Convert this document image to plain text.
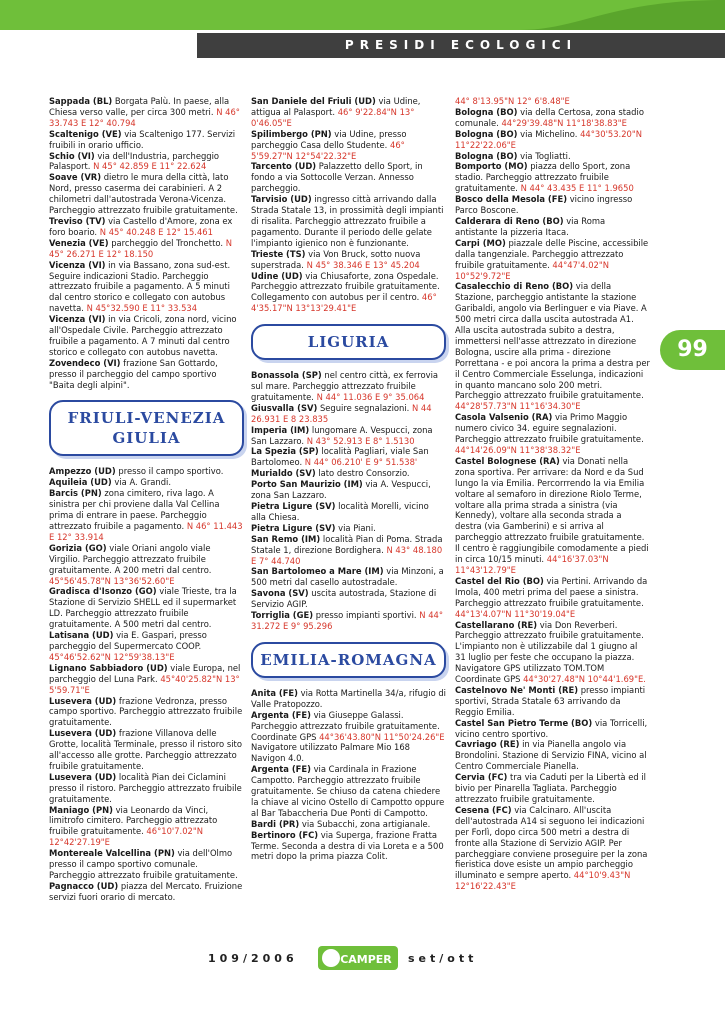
PRESIDI ECOLOGICI
99

Sappada (BL) Borgata Palù. In paese, alla Chiesa verso valle, per circa 300 metri. N 46° 33.743 E 12° 40.794

Scaltenigo (VE) via Scaltenigo 177. Servizi fruibili in orario ufficio.

Schio (VI) via dell'Industria, parcheggio Palasport. N 45° 42.859 E 11° 22.624

Soave (VR) dietro le mura della città, lato Nord, presso caserma dei carabinieri. A 2 chilometri dall'autostrada Verona-Vicenza. Parcheggio attrezzato fruibile gratuitamente.

Treviso (TV) via Castello d'Amore, zona ex foro boario. N 45° 40.248 E 12° 15.461

Venezia (VE) parcheggio del Tronchetto. N 45° 26.271 E 12° 18.150

Vicenza (VI) in via Bassano, zona sud-est. Seguire indicazioni Stadio. Parcheggio attrezzato fruibile a pagamento. A 5 minuti dal centro storico e collegato con autobus navetta. N 45°32.590 E 11° 33.534

Vicenza (VI) in via Cricoli, zona nord, vicino all'Ospedale Civile. Parcheggio attrezzato fruibile a pagamento. A 7 minuti dal centro storico e collegato con autobus navetta.

Zovendeco (VI) frazione San Gottardo, presso il parcheggio del campo sportivo "Baita degli alpini".

FRIULI-VENEZIA GIULIA

Ampezzo (UD) presso il campo sportivo.

Aquileia (UD) via A. Grandi.

Barcis (PN) zona cimitero, riva lago. A sinistra per chi proviene dalla Val Cellina prima di entrare in paese. Parcheggio attrezzato fruibile a pagamento. N 46° 11.443 E 12° 33.914

Gorizia (GO) viale Oriani angolo viale Virgilio. Parcheggio attrezzato fruibile gratuitamente. A 200 metri dal centro. 45°56'45.78"N 13°36'52.60"E

Gradisca d'Isonzo (GO) viale Trieste, tra la Stazione di Servizio SHELL ed il supermarket LD. Parcheggio attrezzato fruibile gratuitamente. A 500 metri dal centro.

Latisana (UD) via E. Gaspari, presso parcheggio del Supermercato COOP. 45°46'52.62"N 12°59'38.13"E

Lignano Sabbiadoro (UD) viale Europa, nel parcheggio del Luna Park. 45°40'25.82"N 13° 5'59.71"E

Lusevera (UD) frazione Vedronza, presso campo sportivo. Parcheggio attrezzato fruibile gratuitamente.

Lusevera (UD) frazione Villanova delle Grotte, località Terminale, presso il ristoro sito all'accesso alle grotte. Parcheggio attrezzato fruibile gratuitamente.

Lusevera (UD) località Pian dei Ciclamini presso il ristoro. Parcheggio attrezzato fruibile gratuitamente.

Maniago (PN) via Leonardo da Vinci, limitrofo cimitero. Parcheggio attrezzato fruibile gratuitamente. 46°10'7.02"N 12°42'27.19"E

Montereale Valcellina (PN) via dell'Olmo presso il campo sportivo comunale. Parcheggio attrezzato fruibile gratuitamente.

Pagnacco (UD) piazza del Mercato. Fruizione servizi fuori orario di mercato.

San Daniele del Friuli (UD) via Udine, attigua al Palasport. 46° 9'22.84"N 13° 0'46.05"E

Spilimbergo (PN) via Udine, presso parcheggio Casa dello Studente. 46° 5'59.27"N 12°54'22.32"E

Tarcento (UD) Palazzetto dello Sport, in fondo a via Sottocolle Verzan. Annesso parcheggio.

Tarvisio (UD) ingresso città arrivando dalla Strada Statale 13, in prossimità degli impianti di risalita. Parcheggio attrezzato fruibile a pagamento. Durante il periodo delle gelate l'impianto igienico non è funzionante.

Trieste (TS) via Von Bruck, sotto nuova superstrada. N 45° 38.346 E 13° 45.204

Udine (UD) via Chiusaforte, zona Ospedale. Parcheggio attrezzato fruibile gratuitamente. Collegamento con autobus per il centro. 46° 4'35.17"N 13°13'29.41"E

LIGURIA

Bonassola (SP) nel centro città, ex ferrovia sul mare. Parcheggio attrezzato fruibile gratuitamente. N 44° 11.036 E 9° 35.064

Giusvalla (SV) Seguire segnalazioni. N 44 26.931 E 8 23.835

Imperia (IM) lungomare A. Vespucci, zona San Lazzaro. N 43° 52.913 E 8° 1.5130

La Spezia (SP) località Pagliari, viale San Bartolomeo. N 44° 06.210' E 9° 51.538'

Murialdo (SV) lato destro Consorzio.

Porto San Maurizio (IM) via A. Vespucci, zona San Lazzaro.

Pietra Ligure (SV) località Morelli, vicino alla Chiesa.

Pietra Ligure (SV) via Piani.

San Remo (IM) località Pian di Poma. Strada Statale 1, direzione Bordighera. N 43° 48.180 E 7° 44.740

San Bartolomeo a Mare (IM) via Minzoni, a 500 metri dal casello autostradale.

Savona (SV) uscita autostrada, Stazione di Servizio AGIP.

Torriglia (GE) presso impianti sportivi. N 44° 31.272 E 9° 95.296

EMILIA-ROMAGNA

Anita (FE) via Rotta Martinella 34/a, rifugio di Valle Pratopozzo.

Argenta (FE) via Giuseppe Galassi. Parcheggio attrezzato fruibile gratuitamente. Coordinate GPS 44°36'43.80"N 11°50'24.26"E

Navigatore utilizzato Palmare Mio 168 Navigon 4.0.

Argenta (FE) via Cardinala in Frazione Campotto. Parcheggio attrezzato fruibile gratuitamente. Se chiuso da catena chiedere la chiave al vicino Ostello di Campotto oppure al Bar Tabaccheria Due Ponti di Campotto.

Bardi (PR) via Subacchi, zona artigianale.

Bertinoro (FC) via Superga, frazione Fratta Terme. Seconda a destra di via Loreta e a 500 metri dopo la prima piazza Colit.

44° 8'13.95"N 12° 6'8.48"E

Bologna (BO) via della Certosa, zona stadio comunale. 44°29'39.48"N 11°18'38.83"E

Bologna (BO) via Michelino. 44°30'53.20"N 11°22'22.06"E

Bologna (BO) via Togliatti.

Bomporto (MO) piazza dello Sport, zona stadio. Parcheggio attrezzato fruibile gratuitamente. N 44° 43.435 E 11° 1.9650

Bosco della Mesola (FE) vicino ingresso Parco Boscone.

Calderara di Reno (BO) via Roma antistante la pizzeria Itaca.

Carpi (MO) piazzale delle Piscine, accessibile dalla tangenziale. Parcheggio attrezzato fruibile gratuitamente. 44°47'4.02"N 10°52'9.72"E

Casalecchio di Reno (BO) via della Stazione, parcheggio antistante la stazione Garibaldi, angolo via Berlinguer e via Piave. A 500 metri circa dalla uscita autostrada A1. Alla uscita autostrada subito a destra, immettersi nell'asse attrezzato in direzione Bologna, uscire alla prima - direzione Porrettana - e poi ancora la prima a destra per il Centro Commerciale Esselunga, indicazioni in quanto mancano solo 200 metri. Parcheggio attrezzato fruibile gratuitamente. 44°28'57.73"N 11°16'34.30"E

Casola Valsenio (RA) via Primo Maggio numero civico 34. eguire segnalazioni. Parcheggio attrezzato fruibile gratuitamente. 44°14'26.09"N 11°38'38.32"E

Castel Bolognese (RA) via Donati nella zona sportiva. Per arrivare: da Nord e da Sud lungo la via Emilia. Percorrrendo la via Emilia voltare al semaforo in direzione Riolo Terme, voltare alla prima strada a sinistra (via Kennedy), voltare alla seconda strada a destra (via Gamberini) e si arriva al parcheggio attrezzato fruibile gratuitamente. Il centro è raggiungibile comodamente a piedi in circa 10/15 minuti. 44°16'37.03"N 11°43'12.79"E

Castel del Rio (BO) via Pertini. Arrivando da Imola, 400 metri prima del paese a sinistra. Parcheggio attrezzato fruibile gratuitamente. 44°13'4.07"N 11°30'19.04"E

Castellarano (RE) via Don Reverberi. Parcheggio attrezzato fruibile gratuitamente. L'impianto non è utilizzabile dal 1 giugno al 31 luglio per feste che occupano la piazza. Navigatore GPS utilizzato TOM.TOM Coordinate GPS 44°30'27.48"N 10°44'1.69"E.

Castelnovo Ne' Monti (RE) presso impianti sportivi, Strada Statale 63 arrivando da Reggio Emilia.

Castel San Pietro Terme (BO) via Torricelli, vicino centro sportivo.

Cavriago (RE) in via Pianella angolo via Brondolini. Stazione di Servizio FINA, vicino al Centro Commerciale Pianella.

Cervia (FC) tra via Caduti per la Libertà ed il bivio per Pinarella Tagliata. Parcheggio attrezzato fruibile gratuitamente.

Cesena (FC) via Calcinaro. All'uscita dell'autostrada A14 si seguono lei indicazioni per Forlì, dopo circa 500 metri a destra di fronte alla Stazione di Servizio AGIP. Per parcheggiare conviene proseguire per la zona fieristica dove esiste un ampio parcheggio illuminato e sempre aperto. 44°10'9.43"N 12°16'22.43"E

109/2006	CAMPER set/ott
